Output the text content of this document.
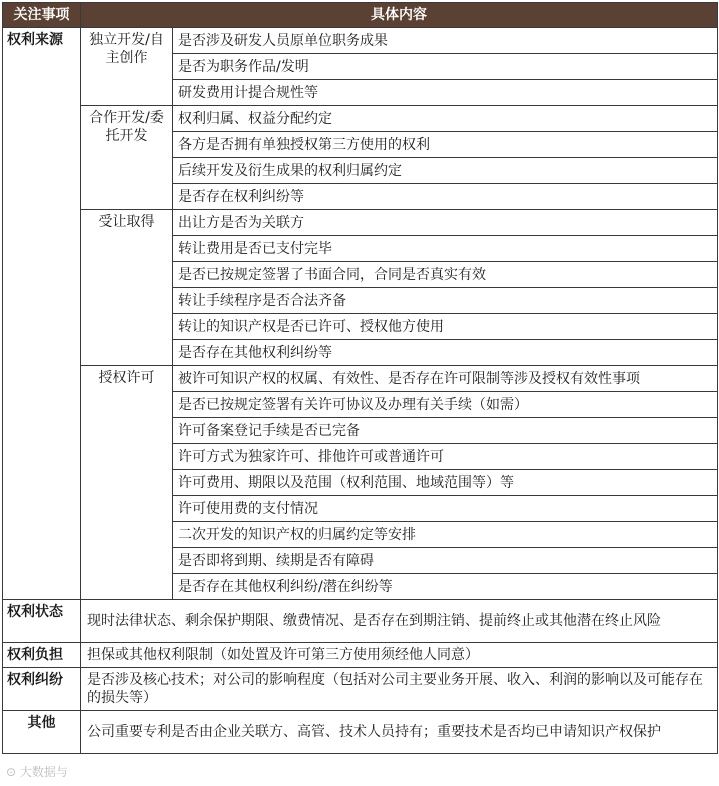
关注事项	具体内容	
权利来源	独立开发/自主创作	是否涉及研发人员原单位职务成果
		是否为职务作品/发明
		研发费用计提合规性等
	合作开发/委托开发	权利归属、权益分配约定
		各方是否拥有单独授权第三方使用的权利
		后续开发及衍生成果的权利归属约定
		是否存在权利纠纷等
	受让取得	出让方是否为关联方
		转让费用是否已支付完毕
		是否已按规定签署了书面合同，合同是否真实有效
		转让手续程序是否合法齐备
		转让的知识产权是否已许可、授权他方使用
		是否存在其他权利纠纷等
	授权许可	被许可知识产权的权属、有效性、是否存在许可限制等涉及授权有效性事项
		是否已按规定签署有关许可协议及办理有关手续（如需）
		许可备案登记手续是否已完备
		许可方式为独家许可、排他许可或普通许可
		许可费用、期限以及范围（权利范围、地域范围等）等
		许可使用费的支付情况
		二次开发的知识产权的归属约定等安排
		是否即将到期、续期是否有障碍
		是否存在其他权利纠纷/潜在纠纷等
权利状态	现时法律状态、剩余保护期限、缴费情况、是否存在到期注销、提前终止或其他潜在终止风险	
权利负担	担保或其他权利限制（如处置及许可第三方使用须经他人同意）	
权利纠纷	是否涉及核心技术；对公司的影响程度（包括对公司主要业务开展、收入、利润的影响以及可能存在的损失等）	
其他	公司重要专利是否由企业关联方、高管、技术人员持有；重要技术是否均已申请知识产权保护	
⊙ 大数据与
